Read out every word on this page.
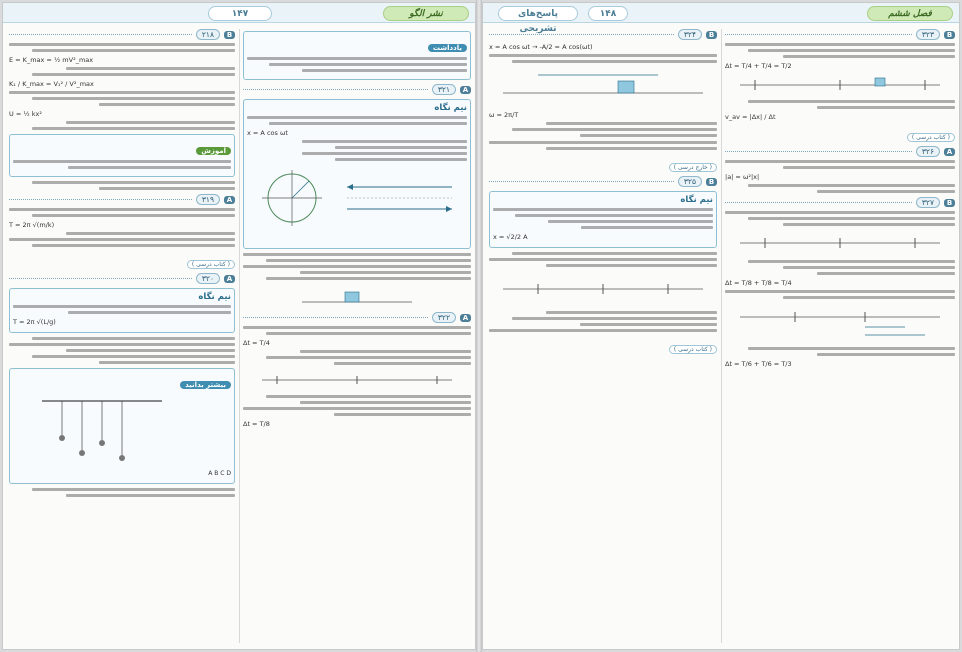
نشر الگو
۱۴۷
یادداشت
A
۳۲۱
نیم نگاه
x = A cos ωt
A
۳۲۲
Δt = T/4
Δt = T/8
B
۲۱۸
E = K_max = ½ mV²_max
K₁ / K_max = V₁² / V²_max
U = ½ kx²
آموزش
A
۳۱۹
T = 2π √(m/k)
( کتاب درسی )
A
۳۲۰
نیم نگاه
T = 2π √(L/g)
بیشتر بدانید
A B C D
پاسخ‌های تشریحی
۱۴۸	فصل ششم
B
۳۲۳
Δt = T/4 + T/4 = T/2
v_av = |Δx| / Δt
( کتاب درسی )
A
۳۲۶
|a| = ω²|x|
B
۳۲۷
Δt = T/8 + T/8 = T/4
Δt = T/6 + T/6 = T/3
B
۳۲۴
x = A cos ωt → -A/2 = A cos(ωt)
ω = 2π/T
( خارج درسی )
B
۳۲۵
نیم نگاه
x = √2/2 A
( کتاب درسی )
